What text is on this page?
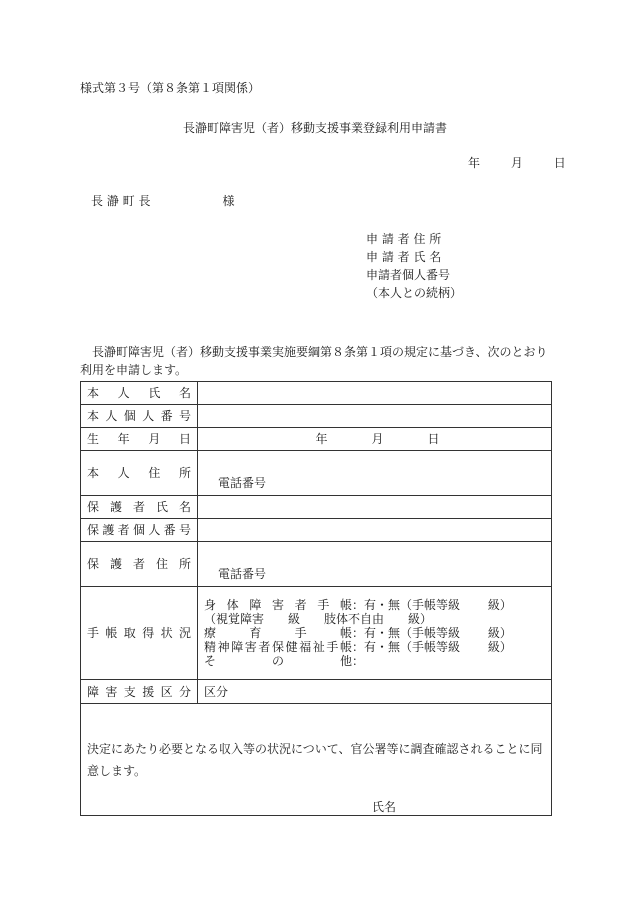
様式第３号（第８条第１項関係）
長瀞町障害児（者）移動支援事業登録利用申請書
年	月	日
長 瀞 町 長	様
申 請 者 住 所
申 請 者 氏 名
申請者個人番号
（本人との続柄）
長瀞町障害児（者）移動支援事業実施要綱第８条第１項の規定に基づき、次のとおり利用を申請します。
本人氏名	

本人個人番号	

生年月日	年 月 日

本人住所	電話番号

保護者氏名	

保護者個人番号	

保護者住所	電話番号

手帳取得状況	身体障害者手帳：有・無（手帳等級　　 級）
（視覚障害　　級　　肢体不自由　　級）
療育手帳：有・無（手帳等級　　 級）
精神障害者保健福祉手帳：有・無（手帳等級　　 級）
その他：

障害支援区分	区分

決定にあたり必要となる収入等の状況について、官公署等に調査確認されることに同意します。

氏名	
